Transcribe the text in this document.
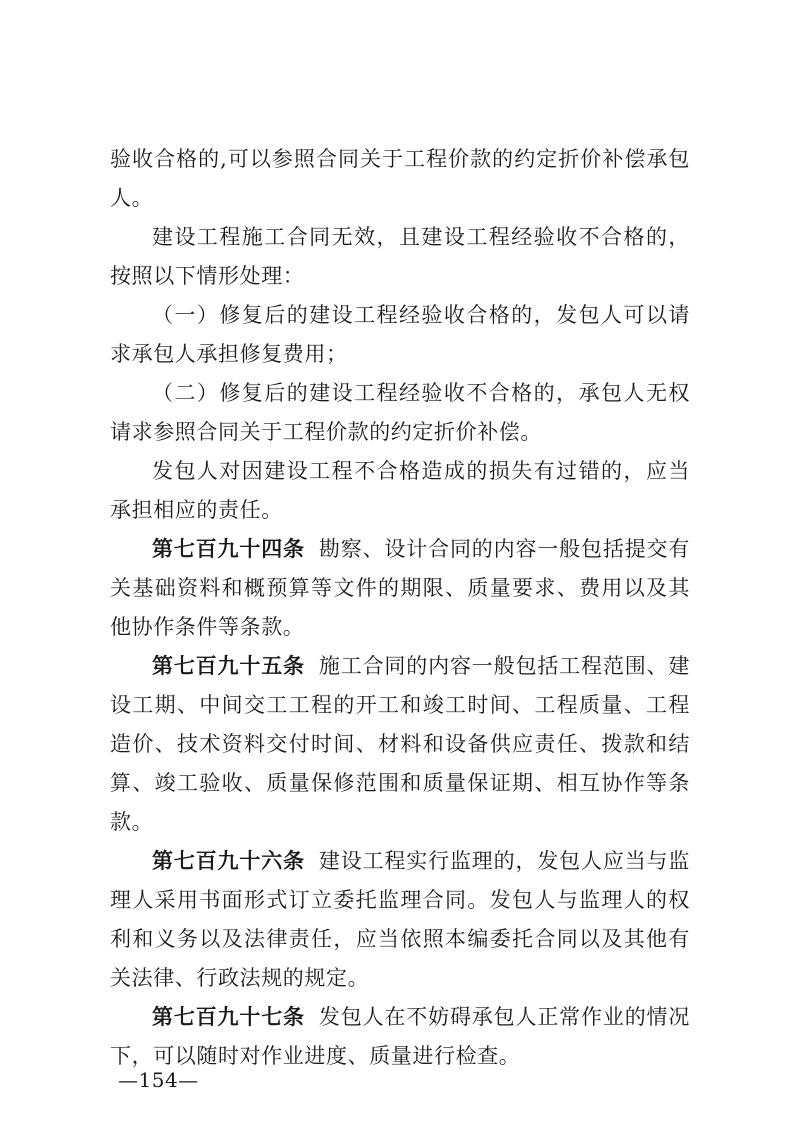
验收合格的,可以参照合同关于工程价款的约定折价补偿承包人。

建设工程施工合同无效，且建设工程经验收不合格的，按照以下情形处理：

（一）修复后的建设工程经验收合格的，发包人可以请求承包人承担修复费用；

（二）修复后的建设工程经验收不合格的，承包人无权请求参照合同关于工程价款的约定折价补偿。

发包人对因建设工程不合格造成的损失有过错的，应当承担相应的责任。

第七百九十四条 勘察、设计合同的内容一般包括提交有关基础资料和概预算等文件的期限、质量要求、费用以及其他协作条件等条款。

第七百九十五条 施工合同的内容一般包括工程范围、建设工期、中间交工工程的开工和竣工时间、工程质量、工程造价、技术资料交付时间、材料和设备供应责任、拨款和结算、竣工验收、质量保修范围和质量保证期、相互协作等条款。

第七百九十六条 建设工程实行监理的，发包人应当与监理人采用书面形式订立委托监理合同。发包人与监理人的权利和义务以及法律责任，应当依照本编委托合同以及其他有关法律、行政法规的规定。

第七百九十七条 发包人在不妨碍承包人正常作业的情况下，可以随时对作业进度、质量进行检查。

—154—
